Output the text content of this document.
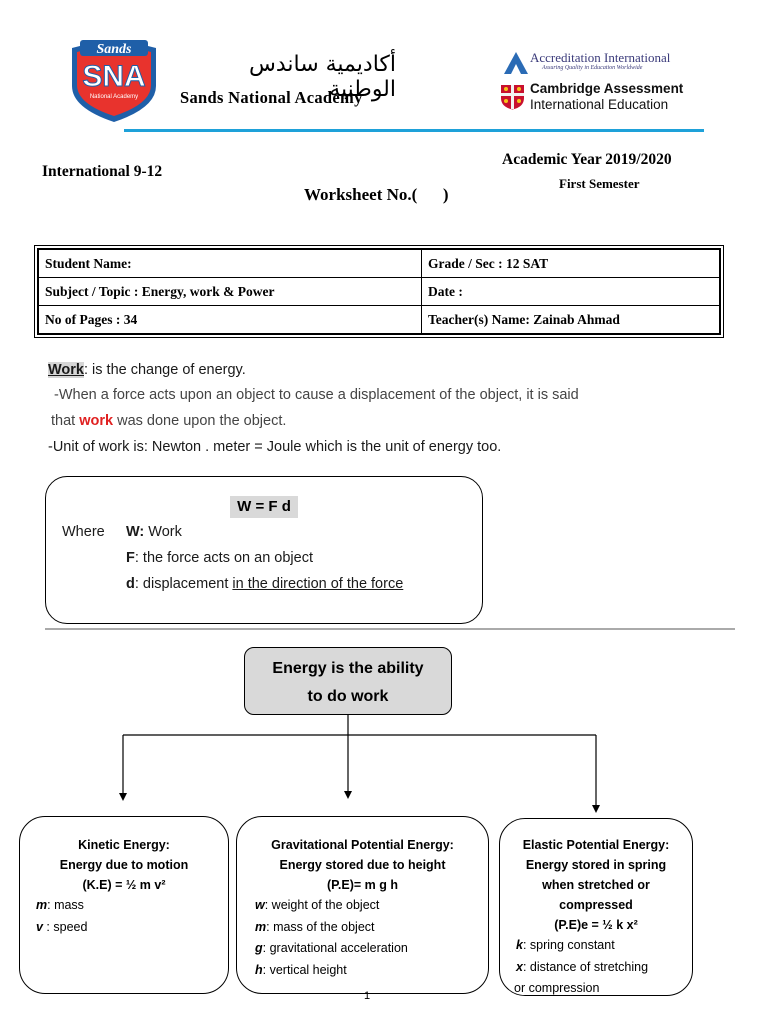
Sands
SNA
National Academy
أكاديمية ساندس الوطنية
Sands National Academy
Accreditation International
Assuring Quality in Education Worldwide
Cambridge Assessment
International Education
International 9-12
Academic Year 2019/2020
First Semester
Worksheet No.(      )
Student Name:	Grade / Sec : 12 SAT
Subject / Topic : Energy, work & Power	Date :
No of Pages : 34	Teacher(s) Name: Zainab Ahmad
Work: is the change of energy.
-When a force acts upon an object to cause a displacement of the object, it is said
that work was done upon the object.
-Unit of work is: Newton . meter = Joule which is the unit of energy too.
W = F d
Where W: Work
F: the force acts on an object
d: displacement in the direction of the force
Energy is the ability
to do work
Kinetic Energy:
Energy due to motion
(K.E) = ½ m v²
m: mass
v : speed
Gravitational Potential Energy:
Energy stored due to height
(P.E)= m g h
w: weight of the object
m: mass of the object
g: gravitational acceleration
h: vertical height
Elastic Potential Energy:
Energy stored in spring
when stretched or
compressed
(P.E)e = ½ k x²
k: spring constant
x: distance of stretching
or compression
1
